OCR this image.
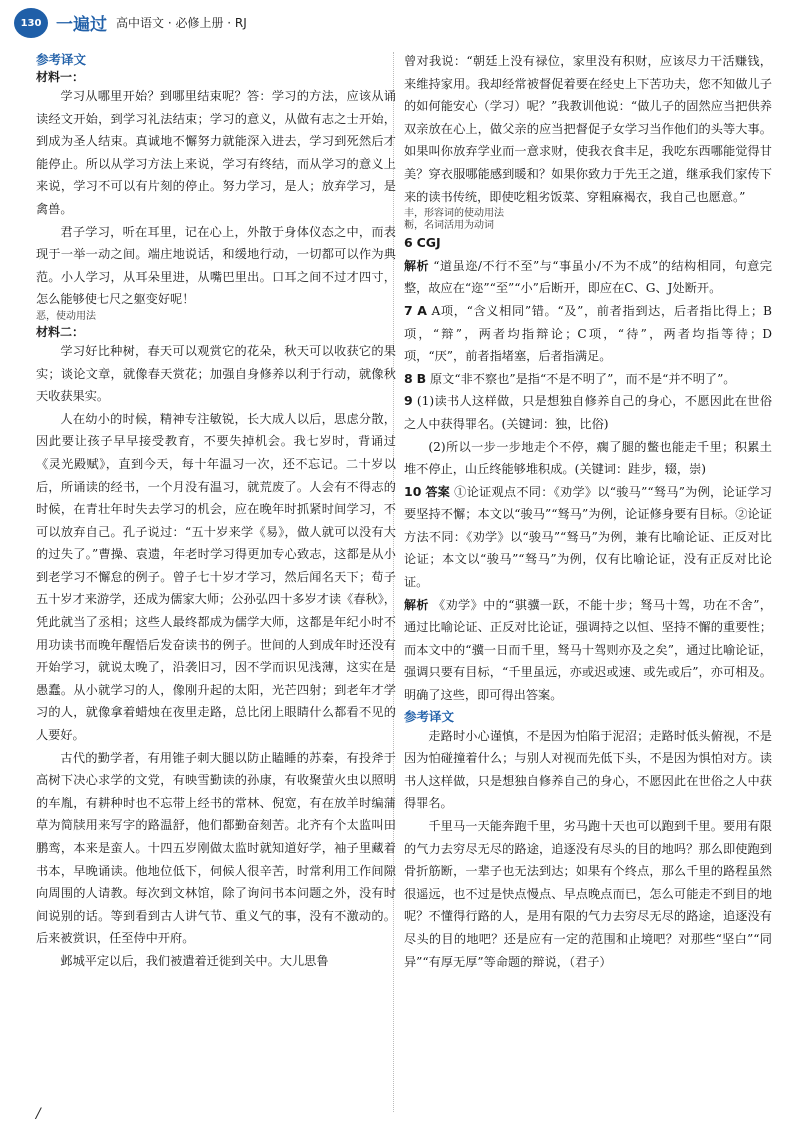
130 一遍过 高中语文 · 必修上册 · RJ

参考译文

材料一：

学习从哪里开始？到哪里结束呢？答：学习的方法，应该从诵读经文开始，到学习礼法结束；学习的意义，从做有志之士开始，到成为圣人结束。真诚地不懈努力就能深入进去，学习到死然后才能停止。所以从学习方法上来说，学习有终结，而从学习的意义上来说，学习不可以有片刻的停止。努力学习，是人；放弃学习，是禽兽。

君子学习，听在耳里，记在心上，外散于身体仪态之中，而表现于一举一动之间。端庄地说话，和缓地行动，一切都可以作为典范。小人学习，从耳朵里进，从嘴巴里出。口耳之间不过才四寸，怎么能够使七尺之躯变好呢！

恶，使动用法

材料二：

学习好比种树，春天可以观赏它的花朵，秋天可以收获它的果实；谈论文章，就像春天赏花；加强自身修养以利于行动，就像秋天收获果实。

人在幼小的时候，精神专注敏锐，长大成人以后，思虑分散，因此要让孩子早早接受教育，不要失掉机会。我七岁时，背诵过《灵光殿赋》，直到今天，每十年温习一次，还不忘记。二十岁以后，所诵读的经书，一个月没有温习，就荒废了。人会有不得志的时候，在青壮年时失去学习的机会，应在晚年时抓紧时间学习，不可以放弃自己。孔子说过：“五十岁来学《易》，做人就可以没有大的过失了。”曹操、袁遗，年老时学习得更加专心致志，这都是从小到老学习不懈怠的例子。曾子七十岁才学习，然后闻名天下；荀子五十岁才来游学，还成为儒家大师；公孙弘四十多岁才读《春秋》，凭此就当了丞相；这些人最终都成为儒学大师，这都是年纪小时不用功读书而晚年醒悟后发奋读书的例子。世间的人到成年时还没有开始学习，就说太晚了，沿袭旧习，因不学而识见浅薄，这实在是愚蠢。从小就学习的人，像刚升起的太阳，光芒四射；到老年才学习的人，就像拿着蜡烛在夜里走路，总比闭上眼睛什么都看不见的人要好。

古代的勤学者，有用锥子刺大腿以防止瞌睡的苏秦，有投斧于高树下决心求学的文党，有映雪勤读的孙康，有收聚萤火虫以照明的车胤，有耕种时也不忘带上经书的常林、倪宽，有在放羊时编蒲草为简牍用来写字的路温舒，他们都勤奋刻苦。北齐有个太监叫田鹏鸾，本来是蛮人。十四五岁刚做太监时就知道好学，袖子里藏着书本，早晚诵读。他地位低下，伺候人很辛苦，时常利用工作间隙向周围的人请教。每次到文林馆，除了询问书本问题之外，没有时间说别的话。等到看到古人讲气节、重义气的事，没有不激动的。后来被赏识，任至侍中开府。

邺城平定以后，我们被遣着迁徙到关中。大儿思鲁

曾对我说：“朝廷上没有禄位，家里没有积财，应该尽力干活赚钱，来维持家用。我却经常被督促着要在经史上下苦功夫，您不知做儿子的如何能安心（学习）呢？”我教训他说：“做儿子的固然应当把供养双亲放在心上，做父亲的应当把督促子女学习当作他们的头等大事。如果叫你放弃学业而一意求财，使我衣食丰足，我吃东西哪能觉得甘美？穿衣服哪能感到暖和？如果你致力于先王之道，继承我们家传下来的读书传统，即使吃粗劣饭菜、穿粗麻褐衣，我自己也愿意。”

丰，形容词的使动用法

粝，名词活用为动词

6 CGJ

解析 “道虽迩/不行不至”与“事虽小/不为不成”的结构相同，句意完整，故应在“迩”“至”“小”后断开，即应在C、G、J处断开。

7 A A项，“含义相同”错。“及”，前者指到达，后者指比得上；B项，“辩”，两者均指辩论；C项，“待”，两者均指等待；D项，“厌”，前者指堵塞，后者指满足。

8 B 原文“非不察也”是指“不是不明了”，而不是“并不明了”。

9 (1)读书人这样做，只是想独自修养自己的身心，不愿因此在世俗之人中获得罪名。(关键词：独，比俗)

(2)所以一步一步地走个不停，瘸了腿的鳖也能走千里；积累土堆不停止，山丘终能够堆积成。(关键词：跬步，辍，崇)

10 答案 ①论证观点不同：《劝学》以“骏马”“驽马”为例，论证学习要坚持不懈；本文以“骏马”“驽马”为例，论证修身要有目标。②论证方法不同：《劝学》以“骏马”“驽马”为例，兼有比喻论证、正反对比论证；本文以“骏马”“驽马”为例，仅有比喻论证，没有正反对比论证。

解析 《劝学》中的“骐骥一跃，不能十步；驽马十驾，功在不舍”，通过比喻论证、正反对比论证，强调持之以恒、坚持不懈的重要性；而本文中的“骥一日而千里，驽马十驾则亦及之矣”，通过比喻论证，强调只要有目标，“千里虽远，亦或迟或速、或先或后”，亦可相及。明确了这些，即可得出答案。

参考译文

走路时小心谨慎，不是因为怕陷于泥沼；走路时低头俯视，不是因为怕碰撞着什么；与别人对视而先低下头，不是因为惧怕对方。读书人这样做，只是想独自修养自己的身心，不愿因此在世俗之人中获得罪名。

千里马一天能奔跑千里，劣马跑十天也可以跑到千里。要用有限的气力去穷尽无尽的路途，追逐没有尽头的目的地吗？那么即使跑到骨折筋断，一辈子也无法到达；如果有个终点，那么千里的路程虽然很遥远，也不过是快点慢点、早点晚点而已，怎么可能走不到目的地呢？不懂得行路的人，是用有限的气力去穷尽无尽的路途，追逐没有尽头的目的地吧？还是应有一定的范围和止境吧？对那些“坚白”“同异”“有厚无厚”等命题的辩说，（君子）

/
